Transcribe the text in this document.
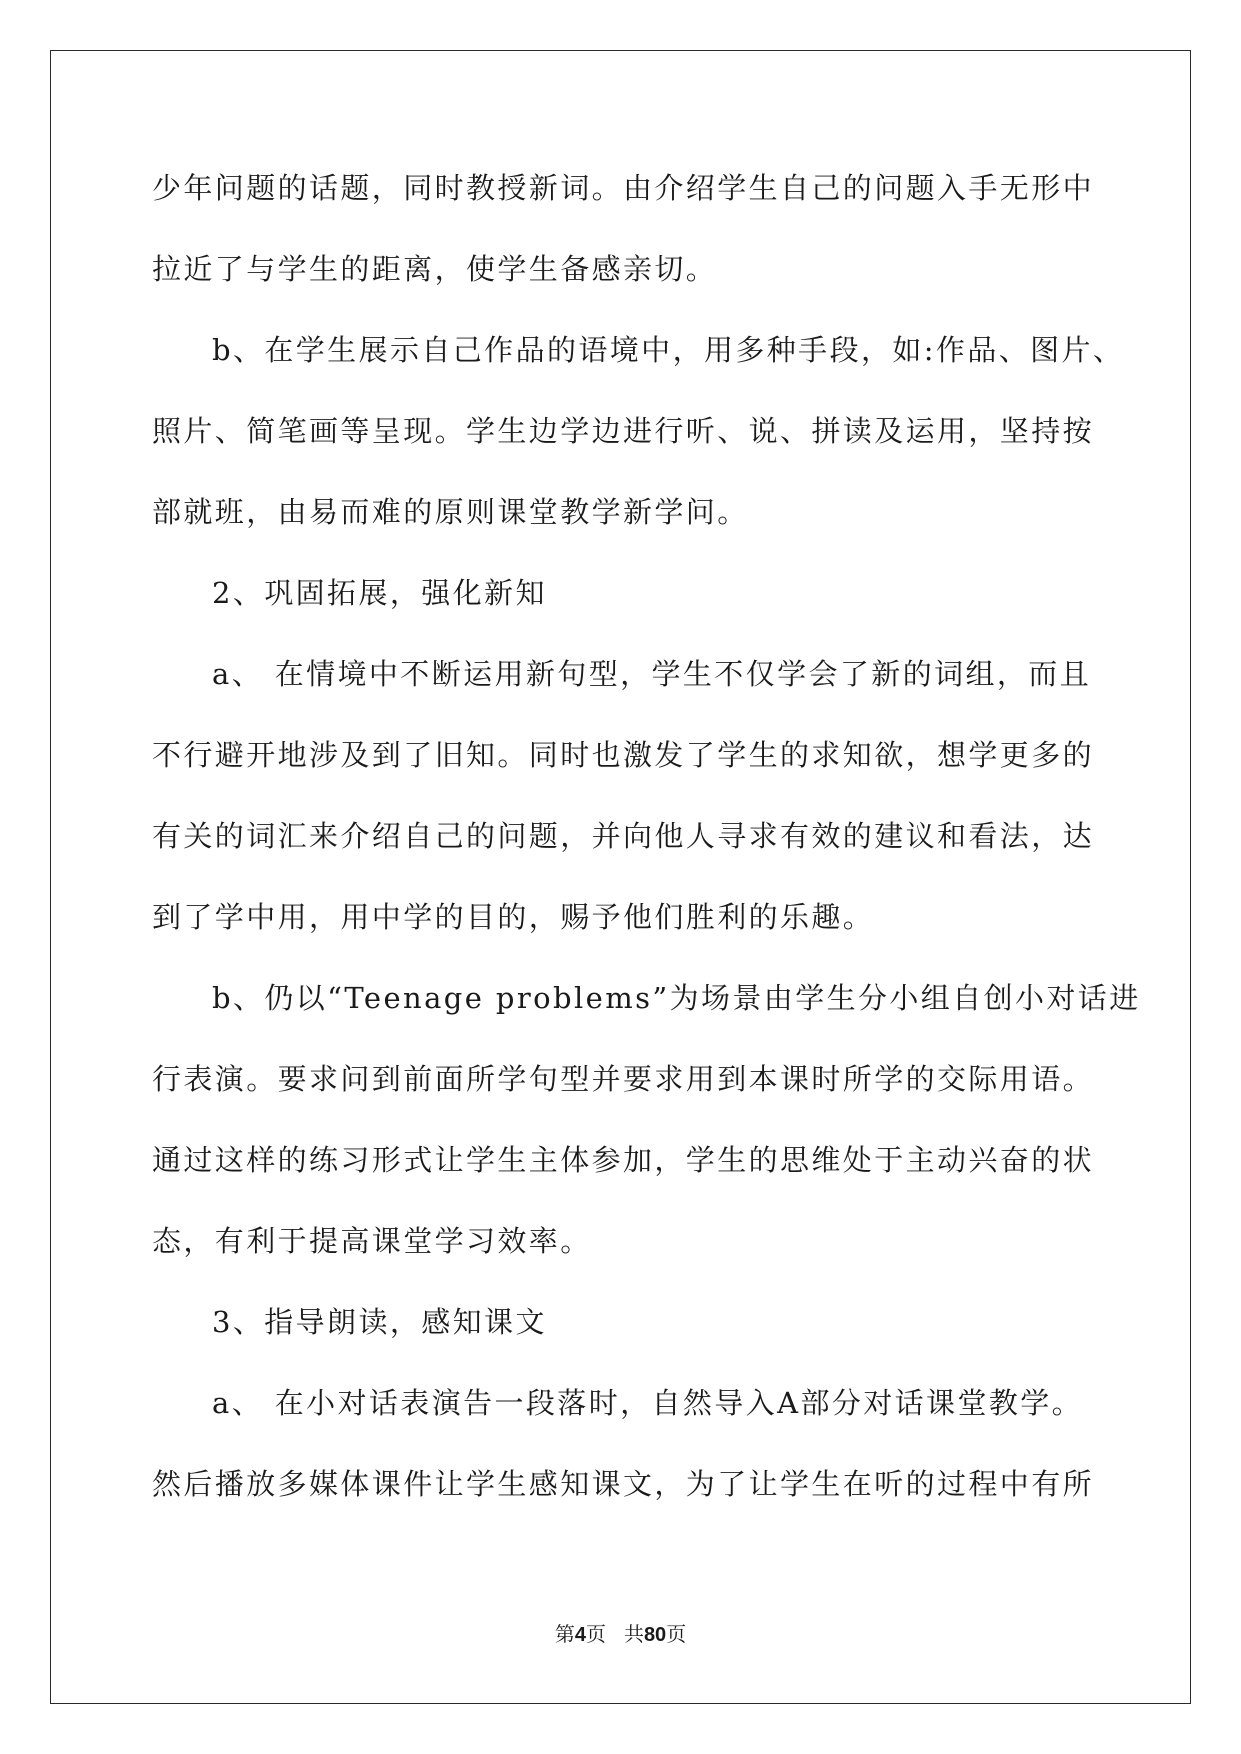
少年问题的话题，同时教授新词。由介绍学生自己的问题入手无形中
拉近了与学生的距离，使学生备感亲切。
b、在学生展示自己作品的语境中，用多种手段，如:作品、图片、
照片、简笔画等呈现。学生边学边进行听、说、拼读及运用，坚持按
部就班，由易而难的原则课堂教学新学问。
2、巩固拓展，强化新知
a、 在情境中不断运用新句型，学生不仅学会了新的词组，而且
不行避开地涉及到了旧知。同时也激发了学生的求知欲，想学更多的
有关的词汇来介绍自己的问题，并向他人寻求有效的建议和看法，达
到了学中用，用中学的目的，赐予他们胜利的乐趣。
b、仍以“Teenage problems”为场景由学生分小组自创小对话进
行表演。要求问到前面所学句型并要求用到本课时所学的交际用语。
通过这样的练习形式让学生主体参加，学生的思维处于主动兴奋的状
态，有利于提高课堂学习效率。
3、指导朗读，感知课文
a、 在小对话表演告一段落时，自然导入A部分对话课堂教学。
然后播放多媒体课件让学生感知课文，为了让学生在听的过程中有所
第4页 共80页
